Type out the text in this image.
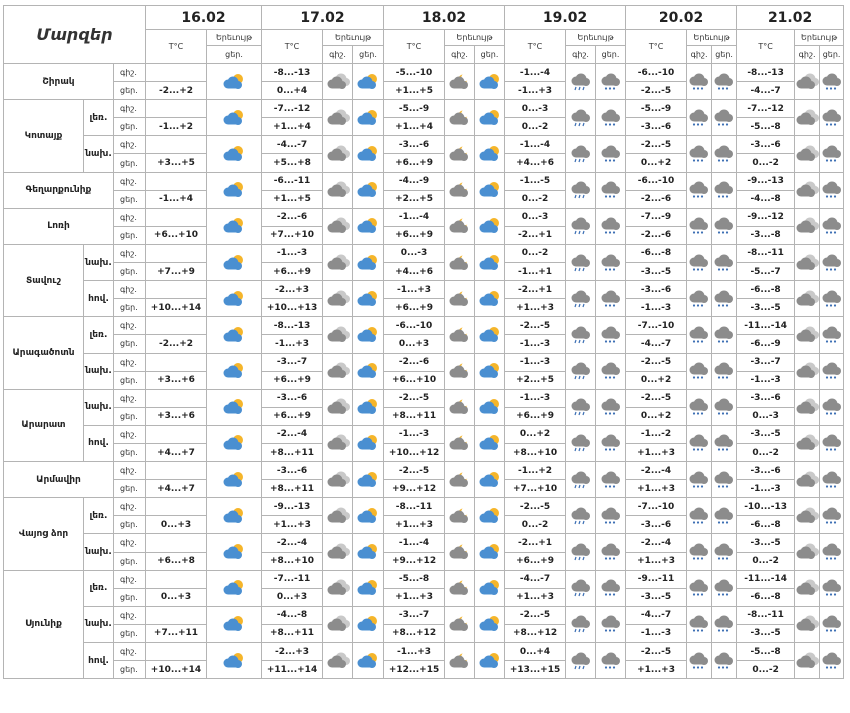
Մարզեր			16.02		17.02			18.02			19.02			20.02			21.02		
			T°C	Երեւույթ	T°C	Երեւույթ		T°C	Երեւույթ		T°C	Երեւույթ		T°C	Երեւույթ		T°C	Երեւույթ	
				ցեր.		գիշ.	ցեր.		գիշ.	ցեր.		գիշ.	ցեր.		գիշ.	ցեր.		գիշ.	ցեր.
Շիրակ		գիշ.			-8...-13			-5...-10			-1...-4			-6...-10			-8...-13	

		ցեր.	-2...+2		0...+4			+1...+5			-1...+3			-2...-5			-4...-7		
Կոտայք	լեռ.	գիշ.			-7...-12			-5...-9			0...-3			-5...-9			-7...-12	

		ցեր.	-1...+2		+1...+4			+1...+4			0...-2			-3...-6			-5...-8		
	նախ.	գիշ.			-4...-7			-3...-6			-1...-4			-2...-5			-3...-6	

		ցեր.	+3...+5		+5...+8			+6...+9			+4...+6			0...+2			0...-2		
Գեղարքունիք		գիշ.			-6...-11			-4...-9			-1...-5			-6...-10			-9...-13	

		ցեր.	-1...+4		+1...+5			+2...+5			0...-2			-2...-6			-4...-8		
Լոռի		գիշ.			-2...-6			-1...-4			0...-3			-7...-9			-9...-12	

		ցեր.	+6...+10		+7...+10			+6...+9			-2...+1			-2...-6			-3...-8		
Տավուշ	նախ.	գիշ.			-1...-3			0...-3			0...-2			-6...-8			-8...-11	

		ցեր.	+7...+9		+6...+9			+4...+6			-1...+1			-3...-5			-5...-7		
	հով.	գիշ.			-2...+3			-1...+3			-2...+1			-3...-6			-6...-8	

		ցեր.	+10...+14		+10...+13			+6...+9			+1...+3			-1...-3			-3...-5		
Արագածոտն	լեռ.	գիշ.			-8...-13			-6...-10			-2...-5			-7...-10			-11...-14	

		ցեր.	-2...+2		-1...+3			0...+3			-1...-3			-4...-7			-6...-9		
	նախ.	գիշ.			-3...-7			-2...-6			-1...-3			-2...-5			-3...-7	

		ցեր.	+3...+6		+6...+9			+6...+10			+2...+5			0...+2			-1...-3		
Արարատ	նախ.	գիշ.			-3...-6			-2...-5			-1...-3			-2...-5			-3...-6	

		ցեր.	+3...+6		+6...+9			+8...+11			+6...+9			0...+2			0...-3		
	հով.	գիշ.			-2...-4			-1...-3			0...+2			-1...-2			-3...-5	

		ցեր.	+4...+7		+8...+11			+10...+12			+8...+10			+1...+3			0...-2		
Արմավիր		գիշ.			-3...-6			-2...-5			-1...+2			-2...-4			-3...-6	

		ցեր.	+4...+7		+8...+11			+9...+12			+7...+10			+1...+3			-1...-3		
Վայոց ձոր	լեռ.	գիշ.			-9...-13			-8...-11			-2...-5			-7...-10			-10...-13	

		ցեր.	0...+3		+1...+3			+1...+3			0...-2			-3...-6			-6...-8		
	նախ.	գիշ.			-2...-4			-1...-4			-2...+1			-2...-4			-3...-5	

		ցեր.	+6...+8		+8...+10			+9...+12			+6...+9			+1...+3			0...-2		
Սյունիք	լեռ.	գիշ.			-7...-11			-5...-8			-4...-7			-9...-11			-11...-14	

		ցեր.	0...+3		0...+3			+1...+3			+1...+3			-3...-5			-6...-8		
	նախ.	գիշ.			-4...-8			-3...-7			-2...-5			-4...-7			-8...-11	

		ցեր.	+7...+11		+8...+11			+8...+12			+8...+12			-1...-3			-3...-5		
	հով.	գիշ.			-2...+3			-1...+3			0...+4			-2...-5			-5...-8	

		ցեր.	+10...+14		+11...+14			+12...+15			+13...+15			+1...+3			0...-2		
